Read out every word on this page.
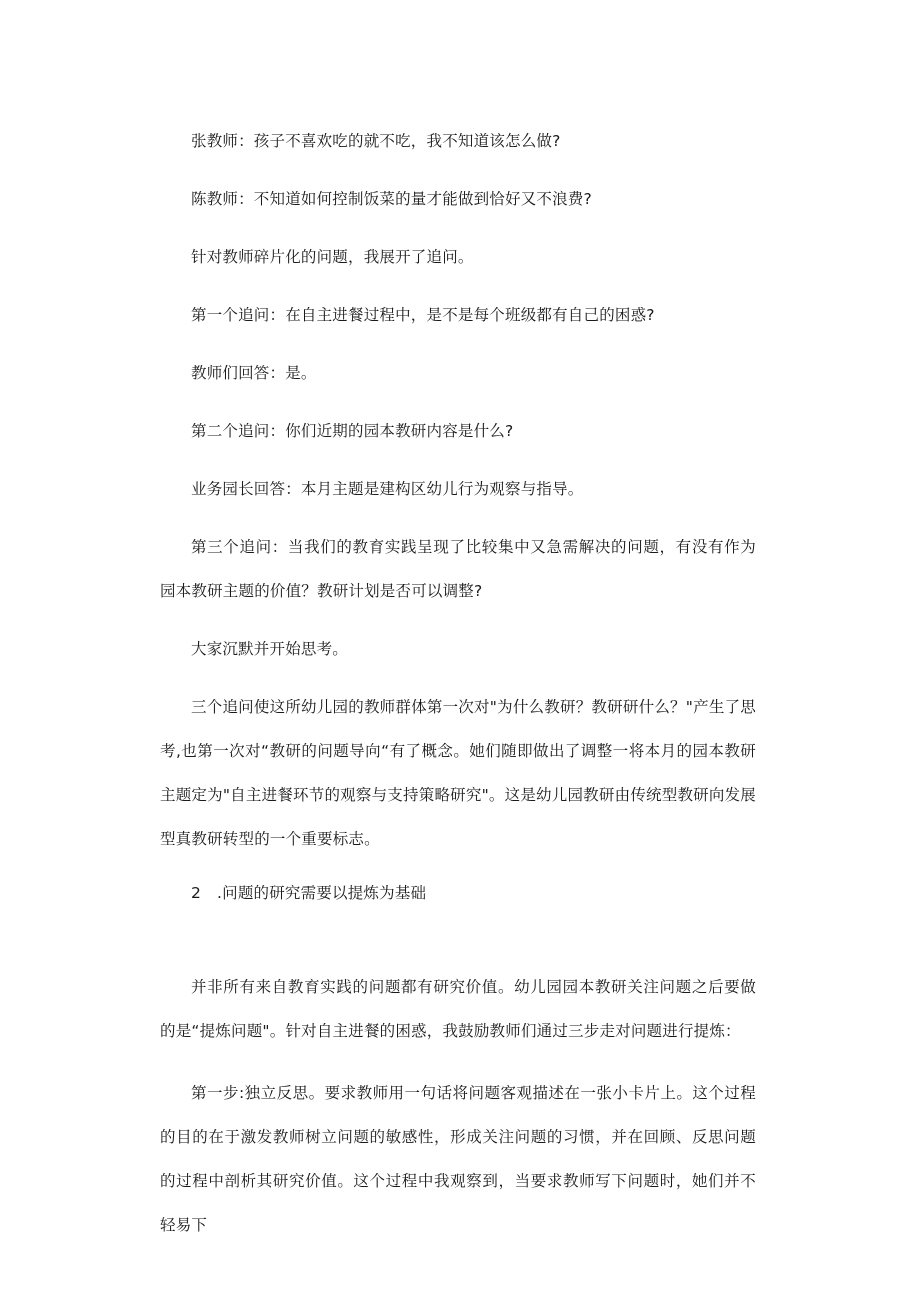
张教师：孩子不喜欢吃的就不吃，我不知道该怎么做?

陈教师：不知道如何控制饭菜的量才能做到恰好又不浪费?

针对教师碎片化的问题，我展开了追问。

第一个追问：在自主进餐过程中，是不是每个班级都有自己的困惑?

教师们回答：是。

第二个追问：你们近期的园本教研内容是什么?

业务园长回答：本月主题是建构区幼儿行为观察与指导。

第三个追问：当我们的教育实践呈现了比较集中又急需解决的问题，有没有作为园本教研主题的价值？教研计划是否可以调整?

大家沉默并开始思考。

三个追问使这所幼儿园的教师群体第一次对"为什么教研？教研研什么？"产生了思考,也第一次对“教研的问题导向“有了概念。她们随即做出了调整一将本月的园本教研主题定为"自主进餐环节的观察与支持策略研究"。这是幼儿园教研由传统型教研向发展型真教研转型的一个重要标志。

2 .问题的研究需要以提炼为基础

并非所有来自教育实践的问题都有研究价值。幼儿园园本教研关注问题之后要做的是“提炼问题"。针对自主进餐的困惑，我鼓励教师们通过三步走对问题进行提炼：

第一步:独立反思。要求教师用一句话将问题客观描述在一张小卡片上。这个过程的目的在于激发教师树立问题的敏感性，形成关注问题的习惯，并在回顾、反思问题的过程中剖析其研究价值。这个过程中我观察到，当要求教师写下问题时，她们并不轻易下
